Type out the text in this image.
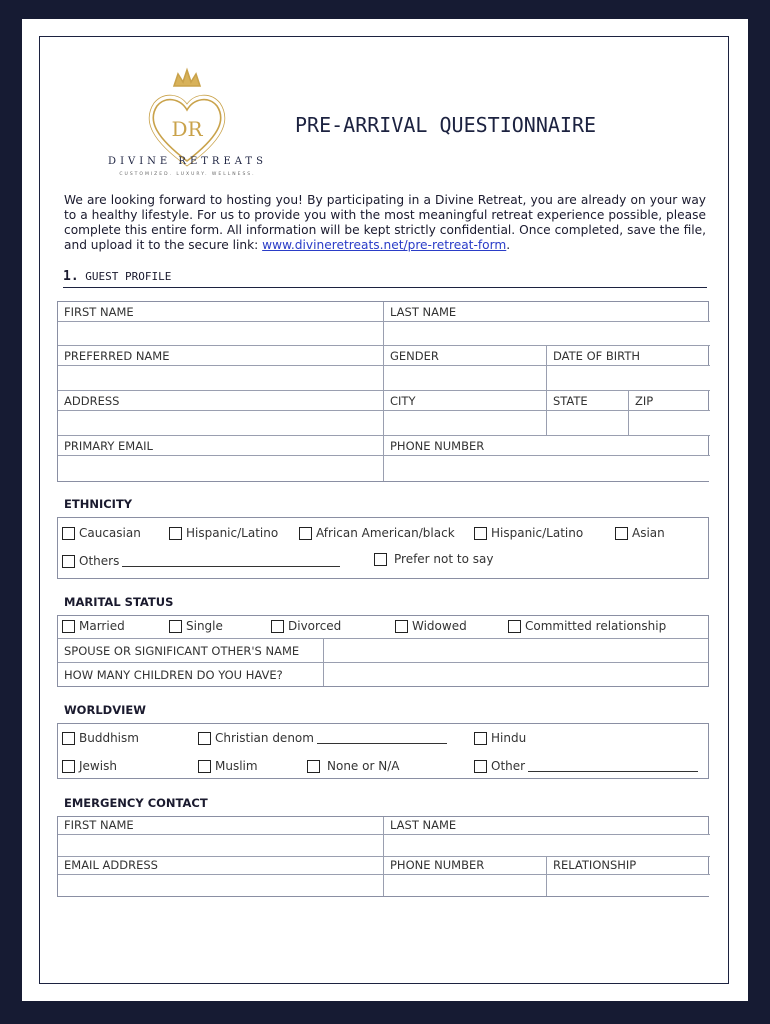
DR
DIVINE RETREATS
CUSTOMIZED. LUXURY. WELLNESS.
PRE-ARRIVAL QUESTIONNAIRE
We are looking forward to hosting you! By participating in a Divine Retreat, you are already on your way to a healthy lifestyle. For us to provide you with the most meaningful retreat experience possible, please complete this entire form. All information will be kept strictly confidential. Once completed, save the file, and upload it to the secure link: www.divineretreats.net/pre-retreat-form.
1. GUEST PROFILE
FIRST NAME	LAST NAME
PREFERRED NAME	GENDER	DATE OF BIRTH
ADDRESS	CITY	STATE	ZIP
PRIMARY EMAIL	PHONE NUMBER
ETHNICITY
Caucasian	Hispanic/Latino	African American/black	Hispanic/Latino	Asian
Others	Prefer not to say
MARITAL STATUS
Married	Single	Divorced	Widowed	Committed relationship
SPOUSE OR SIGNIFICANT OTHER'S NAME
HOW MANY CHILDREN DO YOU HAVE?
WORLDVIEW
Buddhism	Christian denom	Hindu
Jewish	Muslim	None or N/A	Other
EMERGENCY CONTACT
FIRST NAME	LAST NAME
EMAIL ADDRESS	PHONE NUMBER	RELATIONSHIP
